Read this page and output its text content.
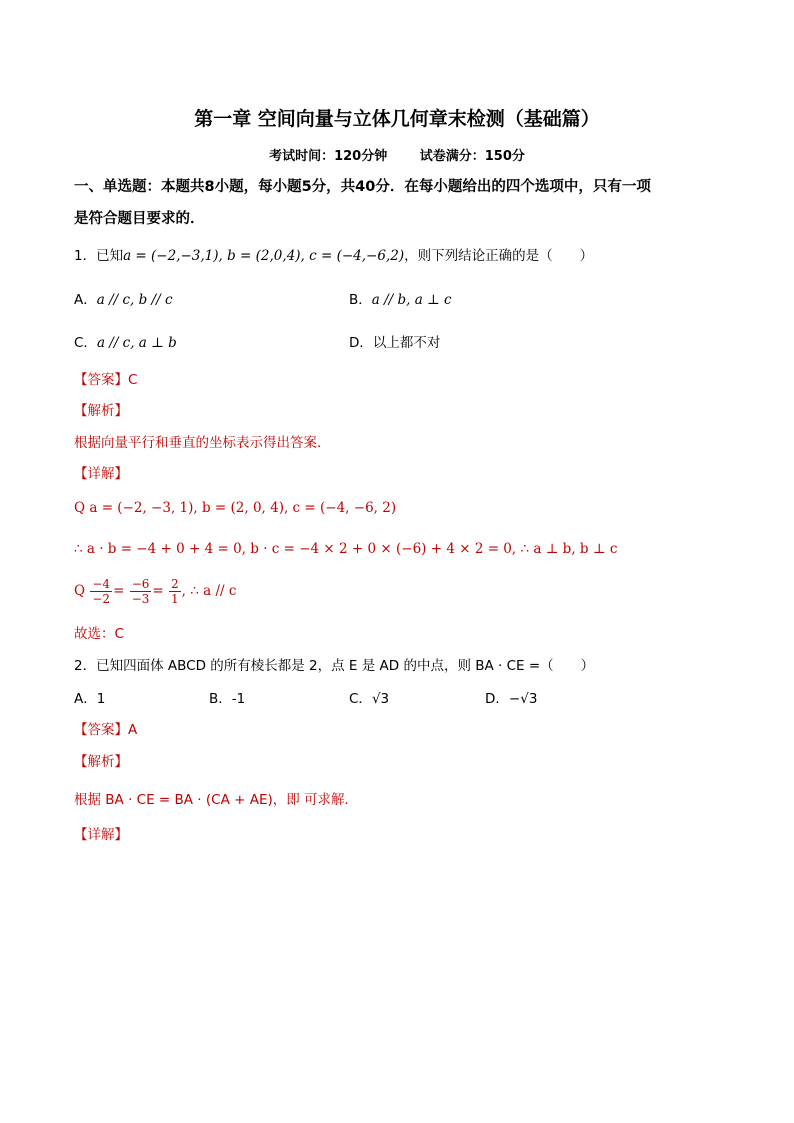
第一章 空间向量与立体几何章末检测（基础篇）
考试时间：120分钟	试卷满分：150分
一、单选题：本题共8小题，每小题5分，共40分．在每小题给出的四个选项中，只有一项
是符合题目要求的．
1．已知a = (−2,−3,1), b = (2,0,4), c = (−4,−6,2)，则下列结论正确的是（　　）
A．a // c, b // c	B．a // b, a ⊥ c
C．a // c, a ⊥ b	D．以上都不对
【答案】C
【解析】
根据向量平行和垂直的坐标表示得出答案．
【详解】
Q a = (−2, −3, 1), b = (2, 0, 4), c = (−4, −6, 2)
∴ a · b = −4 + 0 + 4 = 0, b · c = −4 × 2 + 0 × (−6) + 4 × 2 = 0, ∴ a ⊥ b, b ⊥ c
Q $\frac{-4}{-2} = \frac{-6}{-3} = \frac{2}{1}$ , ∴ a // c
故选：C
2．已知四面体 ABCD 的所有棱长都是 2，点 E 是 AD 的中点，则 BA · CE =（　　）
A．1	B．-1	C．√3	D．−√3
【答案】A
【解析】
根据 BA · CE = BA · (CA + AE)，即 可求解．
【详解】
